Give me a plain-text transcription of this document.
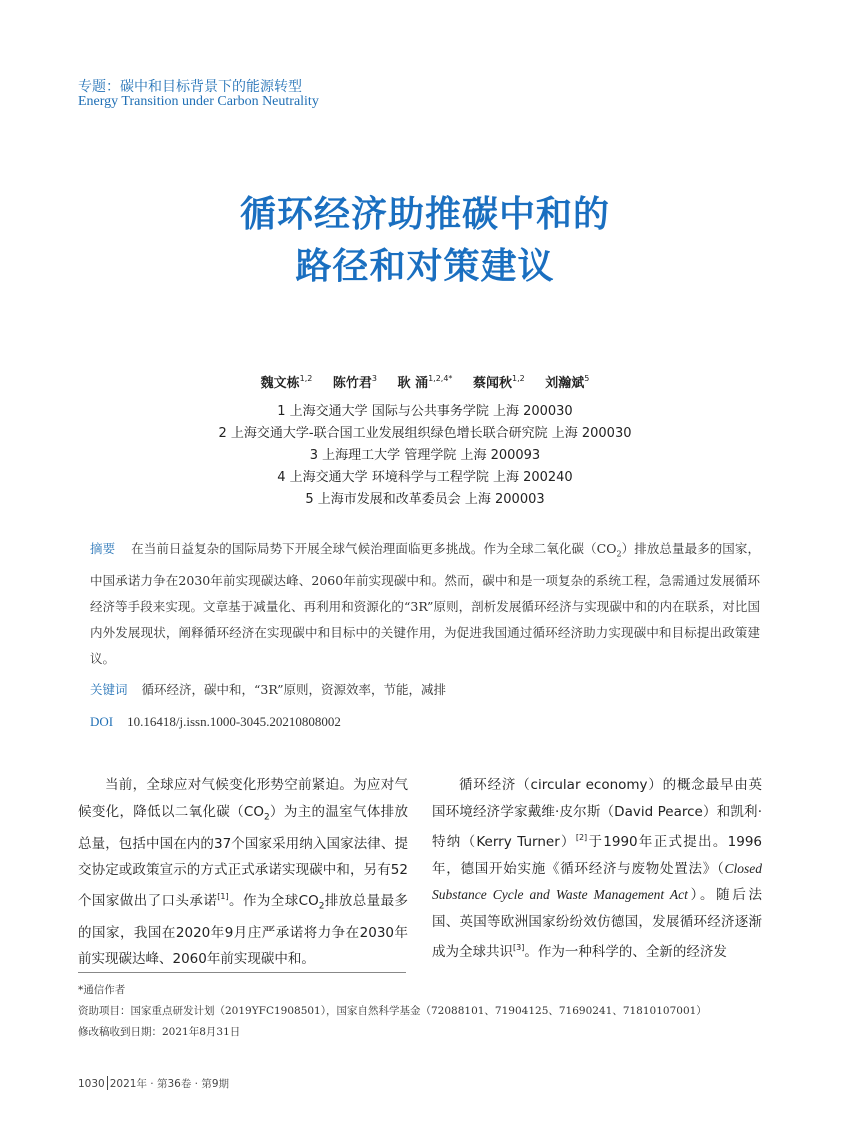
专题：碳中和目标背景下的能源转型
Energy Transition under Carbon Neutrality
循环经济助推碳中和的
路径和对策建议
魏文栋$^{1,2}$ 陈竹君$^3$ 耿 涌$^{1,2,4*}$ 蔡闻秋$^{1,2}$ 刘瀚斌$^5$
1 上海交通大学 国际与公共事务学院 上海 200030
2 上海交通大学-联合国工业发展组织绿色增长联合研究院 上海 200030
3 上海理工大学 管理学院 上海 200093
4 上海交通大学 环境科学与工程学院 上海 200240
5 上海市发展和改革委员会 上海 200003
摘要 在当前日益复杂的国际局势下开展全球气候治理面临更多挑战。作为全球二氧化碳$(CO_2)$排放总量最多的国家，中国承诺力争在2030年前实现碳达峰、2060年前实现碳中和。然而，碳中和是一项复杂的系统工程，急需通过发展循环经济等手段来实现。文章基于减量化、再利用和资源化的“3R”原则，剖析发展循环经济与实现碳中和的内在联系，对比国内外发展现状，阐释循环经济在实现碳中和目标中的关键作用，为促进我国通过循环经济助力实现碳中和目标提出政策建议。
关键词 循环经济，碳中和，“3R”原则，资源效率，节能，减排
DOI 10.16418/j.issn.1000-3045.20210808002

当前，全球应对气候变化形势空前紧迫。为应对气候变化，降低以二氧化碳$(CO_2)$为主的温室气体排放总量，包括中国在内的37个国家采用纳入国家法律、提交协定或政策宣示的方式正式承诺实现碳中和，另有52个国家做出了口头承诺[1]。作为全球$CO_2$排放总量最多的国家，我国在2020年9月庄严承诺将力争在2030年前实现碳达峰、2060年前实现碳中和。

循环经济（circular economy）的概念最早由英国环境经济学家戴维·皮尔斯（David Pearce）和凯利·特纳（Kerry Turner）[2]于1990年正式提出。1996年，德国开始实施《循环经济与废物处置法》（Closed Substance Cycle and Waste Management Act）。随后法国、英国等欧洲国家纷纷效仿德国，发展循环经济逐渐成为全球共识[3]。作为一种科学的、全新的经济发

*通信作者
资助项目：国家重点研发计划（2019YFC1908501），国家自然科学基金（72088101、71904125、71690241、71810107001）
修改稿收到日期：2021年8月31日
1030 2021年 · 第36卷 · 第9期
